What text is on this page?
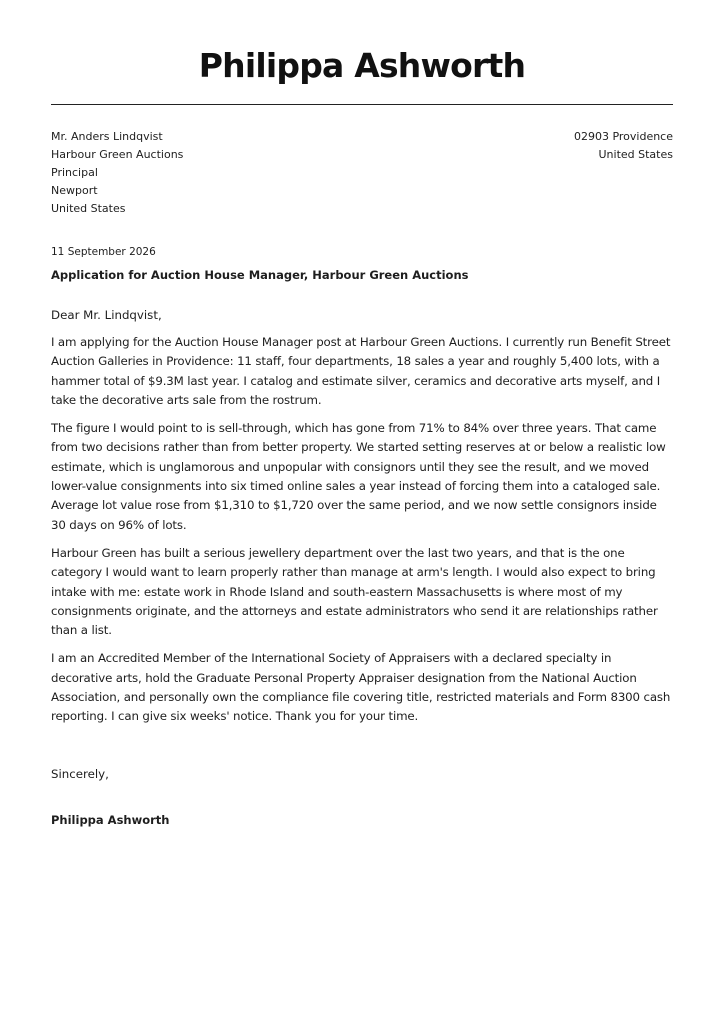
Philippa Ashworth
Mr. Anders Lindqvist
Harbour Green Auctions
Principal
Newport
United States
02903 Providence
United States
11 September 2026
Application for Auction House Manager, Harbour Green Auctions
Dear Mr. Lindqvist,

I am applying for the Auction House Manager post at Harbour Green Auctions. I currently run Benefit Street Auction Galleries in Providence: 11 staff, four departments, 18 sales a year and roughly 5,400 lots, with a hammer total of $9.3M last year. I catalog and estimate silver, ceramics and decorative arts myself, and I take the decorative arts sale from the rostrum.

The figure I would point to is sell-through, which has gone from 71% to 84% over three years. That came from two decisions rather than from better property. We started setting reserves at or below a realistic low estimate, which is unglamorous and unpopular with consignors until they see the result, and we moved lower-value consignments into six timed online sales a year instead of forcing them into a cataloged sale. Average lot value rose from $1,310 to $1,720 over the same period, and we now settle consignors inside 30 days on 96% of lots.

Harbour Green has built a serious jewellery department over the last two years, and that is the one category I would want to learn properly rather than manage at arm's length. I would also expect to bring intake with me: estate work in Rhode Island and south-eastern Massachusetts is where most of my consignments originate, and the attorneys and estate administrators who send it are relationships rather than a list.

I am an Accredited Member of the International Society of Appraisers with a declared specialty in decorative arts, hold the Graduate Personal Property Appraiser designation from the National Auction Association, and personally own the compliance file covering title, restricted materials and Form 8300 cash reporting. I can give six weeks' notice. Thank you for your time.

Sincerely,
Philippa Ashworth
